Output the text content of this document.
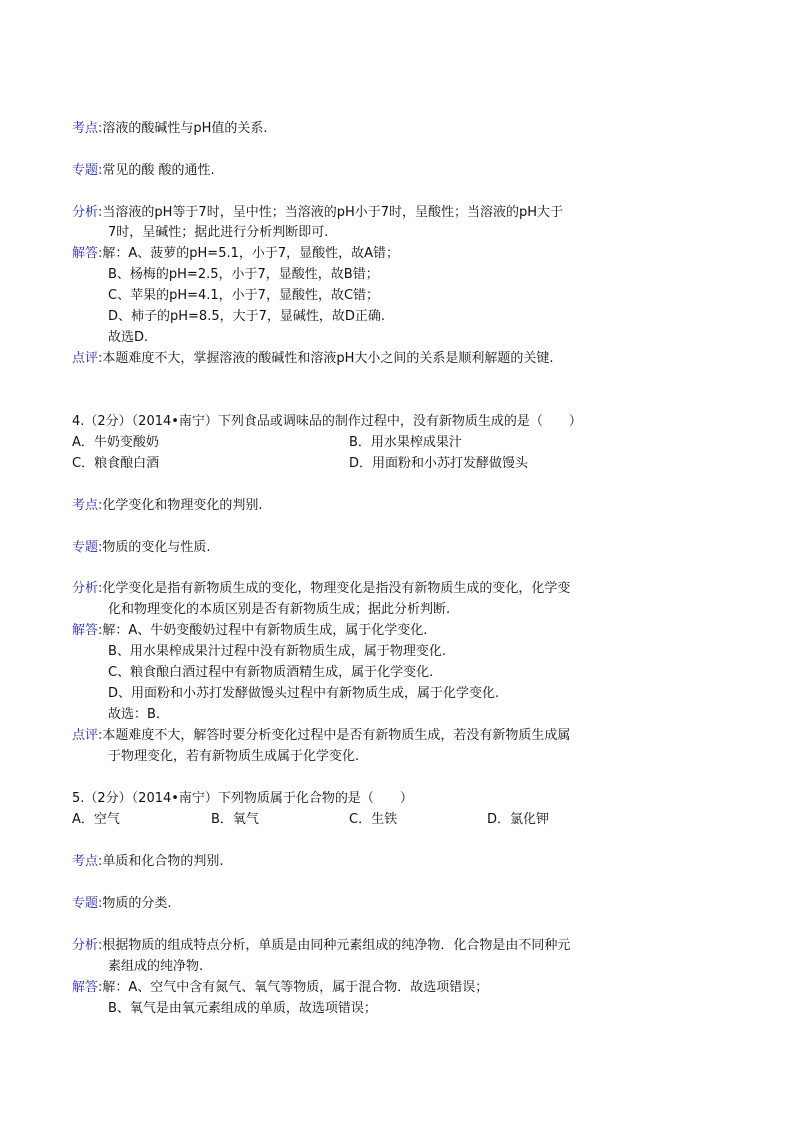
考点:溶液的酸碱性与pH值的关系.
专题:常见的酸 酸的通性.
分析:当溶液的pH等于7时，呈中性；当溶液的pH小于7时，呈酸性；当溶液的pH大于
7时，呈碱性；据此进行分析判断即可.
解答:解：A、菠萝的pH=5.1，小于7，显酸性，故A错；
B、杨梅的pH=2.5，小于7，显酸性，故B错；
C、苹果的pH=4.1，小于7，显酸性，故C错；
D、柿子的pH=8.5，大于7，显碱性，故D正确.
故选D.
点评:本题难度不大，掌握溶液的酸碱性和溶液pH大小之间的关系是顺利解题的关键.
4.（2分）（2014•南宁）下列食品或调味品的制作过程中，没有新物质生成的是（　　）
A．牛奶变酸奶	B．用水果榨成果汁
C．粮食酿白酒	D．用面粉和小苏打发酵做馒头
考点:化学变化和物理变化的判别.
专题:物质的变化与性质.
分析:化学变化是指有新物质生成的变化，物理变化是指没有新物质生成的变化，化学变
化和物理变化的本质区别是否有新物质生成；据此分析判断.
解答:解：A、牛奶变酸奶过程中有新物质生成，属于化学变化.
B、用水果榨成果汁过程中没有新物质生成，属于物理变化.
C、粮食酿白酒过程中有新物质酒精生成，属于化学变化.
D、用面粉和小苏打发酵做馒头过程中有新物质生成，属于化学变化.
故选：B.
点评:本题难度不大，解答时要分析变化过程中是否有新物质生成，若没有新物质生成属
于物理变化，若有新物质生成属于化学变化.
5.（2分）（2014•南宁）下列物质属于化合物的是（　　）
A．空气	B．氧气	C．生铁	D．氯化钾
考点:单质和化合物的判别.
专题:物质的分类.
分析:根据物质的组成特点分析，单质是由同种元素组成的纯净物．化合物是由不同种元
素组成的纯净物.
解答:解：A、空气中含有氮气、氧气等物质，属于混合物．故选项错误；
B、氧气是由氧元素组成的单质，故选项错误；
